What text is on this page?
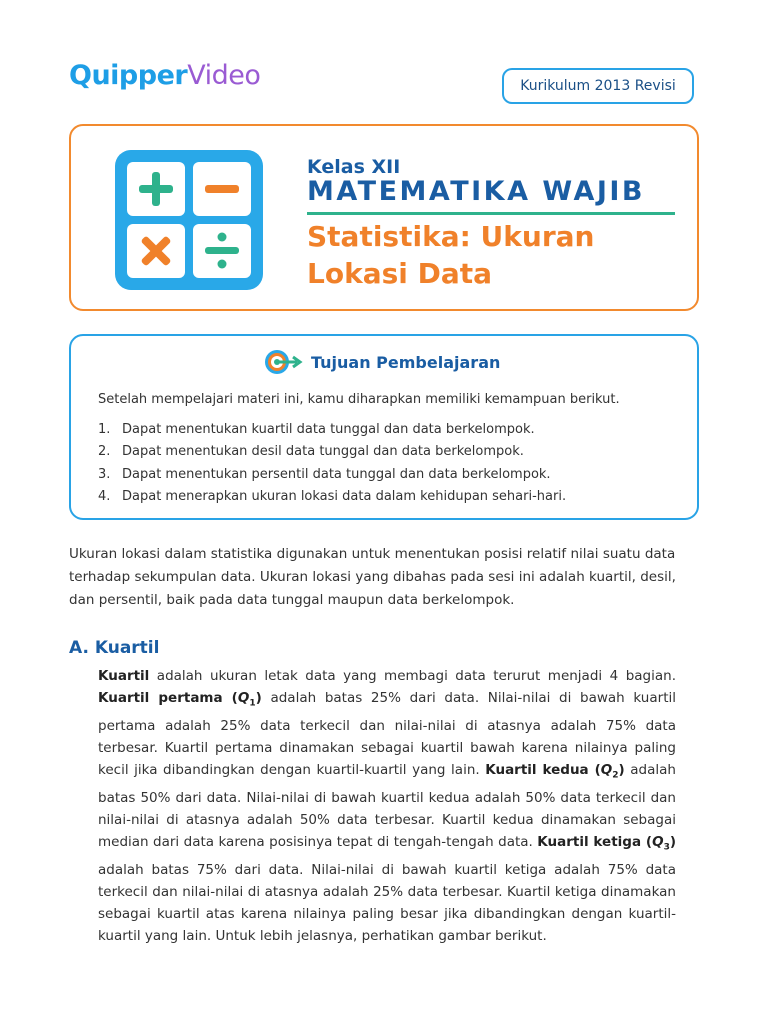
QuipperVideo	Kurikulum 2013 Revisi
Kelas XII
MATEMATIKA WAJIB
Statistika: Ukuran Lokasi Data
Tujuan Pembelajaran
Setelah mempelajari materi ini, kamu diharapkan memiliki kemampuan berikut.
1. Dapat menentukan kuartil data tunggal dan data berkelompok.
2. Dapat menentukan desil data tunggal dan data berkelompok.
3. Dapat menentukan persentil data tunggal dan data berkelompok.
4. Dapat menerapkan ukuran lokasi data dalam kehidupan sehari-hari.
Ukuran lokasi dalam statistika digunakan untuk menentukan posisi relatif nilai suatu data terhadap sekumpulan data. Ukuran lokasi yang dibahas pada sesi ini adalah kuartil, desil, dan persentil, baik pada data tunggal maupun data berkelompok.
A. Kuartil
Kuartil adalah ukuran letak data yang membagi data terurut menjadi 4 bagian. Kuartil pertama $(Q_1)$ adalah batas 25% dari data. Nilai-nilai di bawah kuartil pertama adalah 25% data terkecil dan nilai-nilai di atasnya adalah 75% data terbesar. Kuartil pertama dinamakan sebagai kuartil bawah karena nilainya paling kecil jika dibandingkan dengan kuartil-kuartil yang lain. Kuartil kedua $(Q_2)$ adalah batas 50% dari data. Nilai-nilai di bawah kuartil kedua adalah 50% data terkecil dan nilai-nilai di atasnya adalah 50% data terbesar. Kuartil kedua dinamakan sebagai median dari data karena posisinya tepat di tengah-tengah data. Kuartil ketiga $(Q_3)$ adalah batas 75% dari data. Nilai-nilai di bawah kuartil ketiga adalah 75% data terkecil dan nilai-nilai di atasnya adalah 25% data terbesar. Kuartil ketiga dinamakan sebagai kuartil atas karena nilainya paling besar jika dibandingkan dengan kuartil-kuartil yang lain. Untuk lebih jelasnya, perhatikan gambar berikut.
